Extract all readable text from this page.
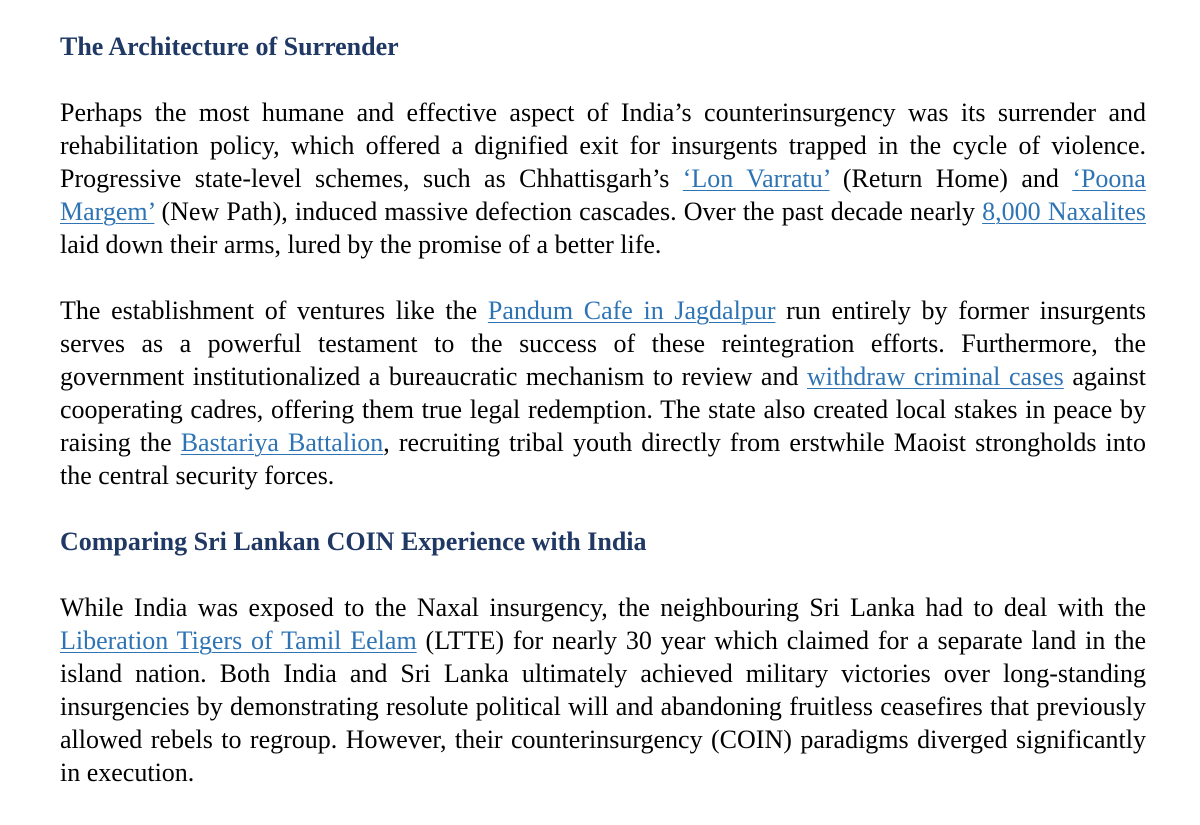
The Architecture of Surrender

Perhaps the most humane and effective aspect of India’s counterinsurgency was its surrender and rehabilitation policy, which offered a dignified exit for insurgents trapped in the cycle of violence. Progressive state-level schemes, such as Chhattisgarh’s ‘Lon Varratu’ (Return Home) and ‘Poona Margem’ (New Path), induced massive defection cascades. Over the past decade nearly 8,000 Naxalites laid down their arms, lured by the promise of a better life.

The establishment of ventures like the Pandum Cafe in Jagdalpur run entirely by former insurgents serves as a powerful testament to the success of these reintegration efforts. Furthermore, the government institutionalized a bureaucratic mechanism to review and withdraw criminal cases against cooperating cadres, offering them true legal redemption. The state also created local stakes in peace by raising the Bastariya Battalion, recruiting tribal youth directly from erstwhile Maoist strongholds into the central security forces.

Comparing Sri Lankan COIN Experience with India

While India was exposed to the Naxal insurgency, the neighbouring Sri Lanka had to deal with the Liberation Tigers of Tamil Eelam (LTTE) for nearly 30 year which claimed for a separate land in the island nation. Both India and Sri Lanka ultimately achieved military victories over long-standing insurgencies by demonstrating resolute political will and abandoning fruitless ceasefires that previously allowed rebels to regroup. However, their counterinsurgency (COIN) paradigms diverged significantly in execution.
